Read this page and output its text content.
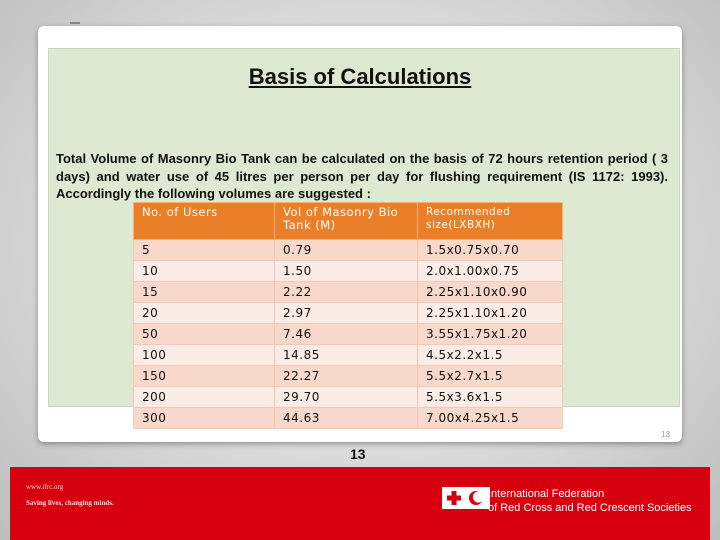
Basis of Calculations
Total Volume of Masonry Bio Tank can be calculated on the basis of 72 hours retention period ( 3 days) and water use of 45 litres per person per day for flushing requirement (IS 1172: 1993). Accordingly the following volumes are suggested :
No. of Users	Vol of Masonry Bio Tank (M)	Recommended size(LXBXH)
5	0.79	1.5x0.75x0.70
10	1.50	2.0x1.00x0.75
15	2.22	2.25x1.10x0.90
20	2.97	2.25x1.10x1.20
50	7.46	3.55x1.75x1.20
100	14.85	4.5x2.2x1.5
150	22.27	5.5x2.7x1.5
200	29.70	5.5x3.6x1.5
300	44.63	7.00x4.25x1.5
13
13
www.ifrc.org
Saving lives, changing minds.
International Federation
of Red Cross and Red Crescent Societies
